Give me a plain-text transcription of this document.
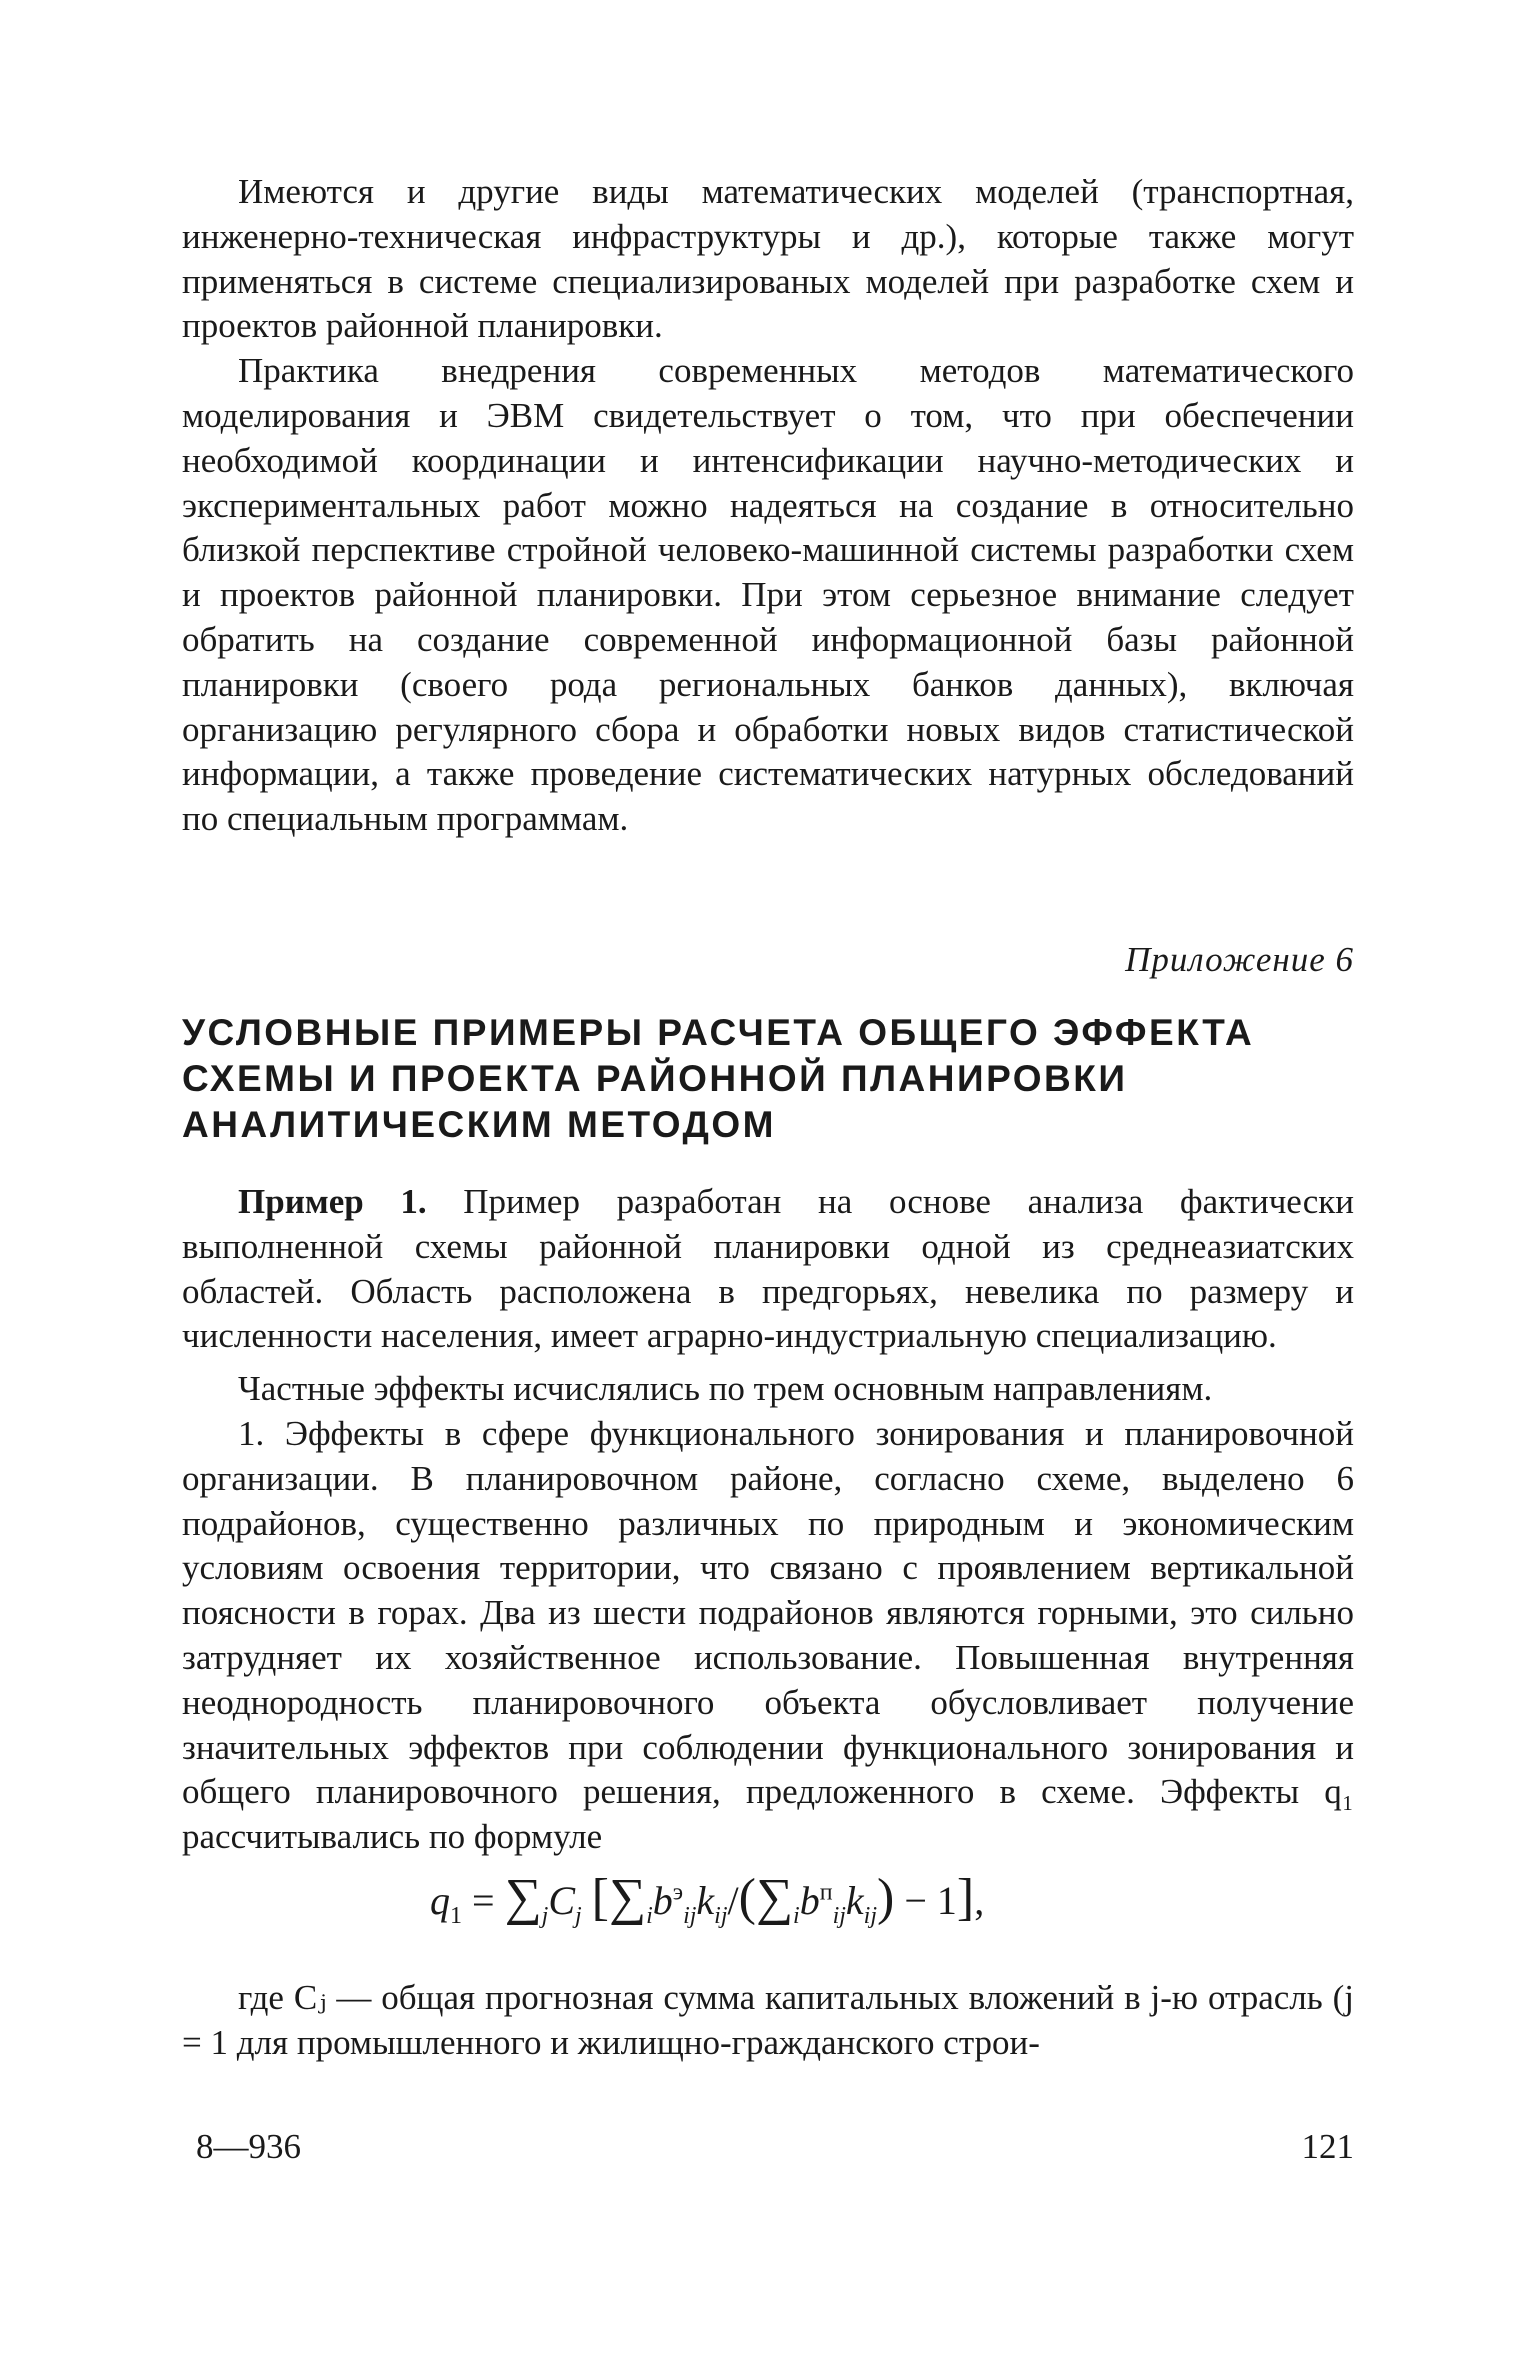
Имеются и другие виды математических моделей (транспортная, инженерно-техническая инфраструктуры и др.), которые также могут применяться в системе специализированых моделей при разработке схем и проектов районной планировки.

Практика внедрения современных методов математического моделирования и ЭВМ свидетельствует о том, что при обеспечении необходимой координации и интенсификации научно-методических и экспериментальных работ можно надеяться на создание в относительно близкой перспективе стройной человеко-машинной системы разработки схем и проектов районной планировки. При этом серьезное внимание следует обратить на создание современной информационной базы районной планировки (своего рода региональных банков данных), включая организацию регулярного сбора и обработки новых видов статистической информации, а также проведение систематических натурных обследований по специальным программам.

Приложение 6
УСЛОВНЫЕ ПРИМЕРЫ РАСЧЕТА ОБЩЕГО ЭФФЕКТА
СХЕМЫ И ПРОЕКТА РАЙОННОЙ ПЛАНИРОВКИ
АНАЛИТИЧЕСКИМ МЕТОДОМ

Пример 1. Пример разработан на основе анализа фактически выполненной схемы районной планировки одной из среднеазиатских областей. Область расположена в предгорьях, невелика по размеру и численности населения, имеет аграрно-индустриальную специализацию.

Частные эффекты исчислялись по трем основным направлениям.

1. Эффекты в сфере функционального зонирования и планировочной организации. В планировочном районе, согласно схеме, выделено 6 подрайонов, существенно различных по природным и экономическим условиям освоения территории, что связано с проявлением вертикальной поясности в горах. Два из шести подрайонов являются горными, это сильно затрудняет их хозяйственное использование. Повышенная внутренняя неоднородность планировочного объекта обусловливает получение значительных эффектов при соблюдении функционального зонирования и общего планировочного решения, предложенного в схеме. Эффекты q₁ рассчитывались по формуле

$q_1 = \sum_jC_j$ $[\sum_ib^э_{ij}k_{ij}/(\sum_ib^п_{ij}k_{ij}) - 1]$,

где Cⱼ — общая прогнозная сумма капитальных вложений в j-ю отрасль (j = 1 для промышленного и жилищно-гражданского строи-

8—936	121
